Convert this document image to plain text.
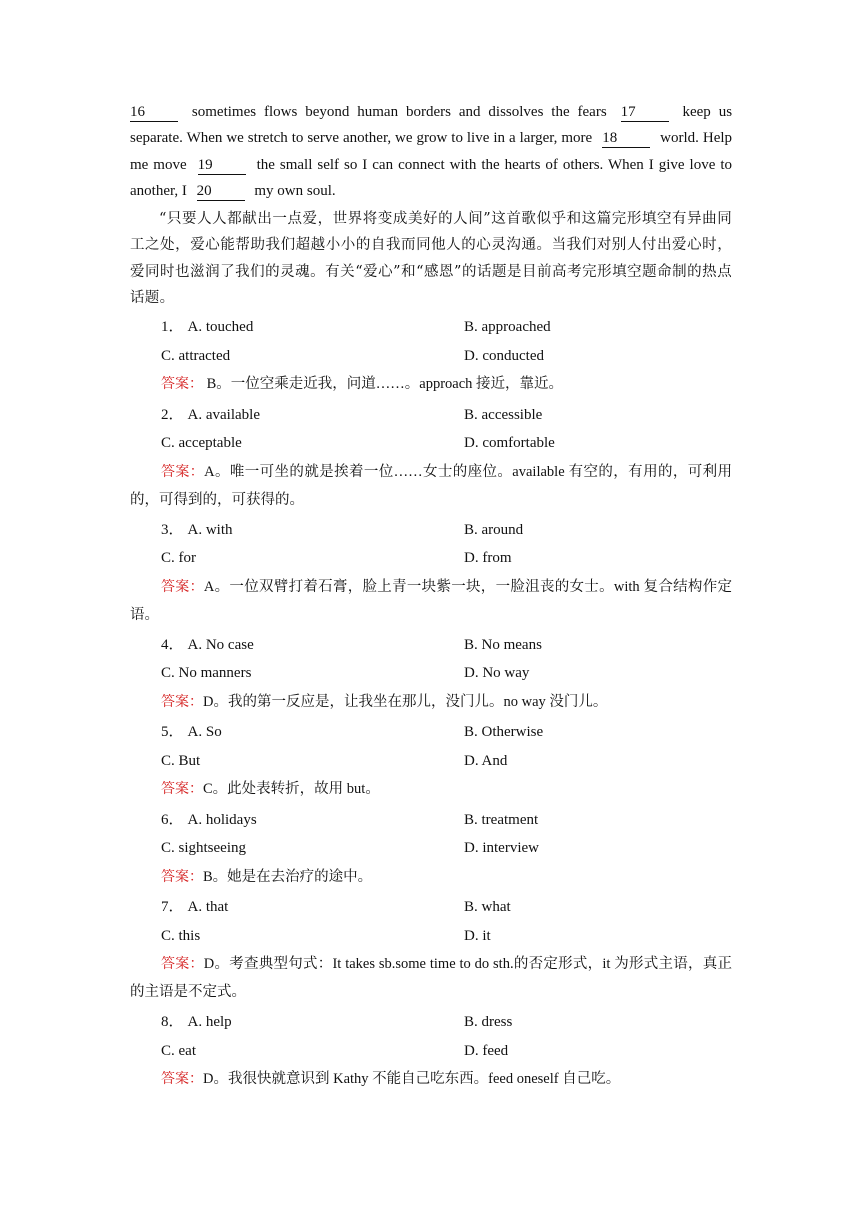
16	sometimes flows beyond human borders and dissolves the fears 17	keep us separate. When we stretch to serve another, we grow to live in a larger, more 18	world. Help me move 19	the small self so I can connect with the hearts of others. When I give love to another, I 20	my own soul.
“只要人人都献出一点爱，世界将变成美好的人间”这首歌似乎和这篇完形填空有异曲同工之处，爱心能帮助我们超越小小的自我而同他人的心灵沟通。当我们对别人付出爱心时，爱同时也滋润了我们的灵魂。有关“爱心”和“感恩”的话题是目前高考完形填空题命制的热点话题。
1． A. touched	B. approached
C. attracted	D. conducted
答案： B。一位空乘走近我，问道……。approach 接近，靠近。
2． A. available	B. accessible
C. acceptable	D. comfortable
答案：A。唯一可坐的就是挨着一位……女士的座位。available 有空的，有用的，可利用的，可得到的，可获得的。
3． A. with	B. around
C. for	D. from
答案：A。一位双臂打着石膏，脸上青一块紫一块，一脸沮丧的女士。with 复合结构作定语。
4． A. No case	B. No means
C. No manners	D. No way
答案：D。我的第一反应是，让我坐在那儿，没门儿。no way 没门儿。
5． A. So	B. Otherwise
C. But	D. And
答案：C。此处表转折，故用 but。
6． A. holidays	B. treatment
C. sightseeing	D. interview
答案：B。她是在去治疗的途中。
7． A. that	B. what
C. this	D. it
答案：D。考查典型句式：It takes sb.some time to do sth.的否定形式，it 为形式主语，真正的主语是不定式。
8． A. help	B. dress
C. eat	D. feed
答案：D。我很快就意识到 Kathy 不能自己吃东西。feed oneself 自己吃。
